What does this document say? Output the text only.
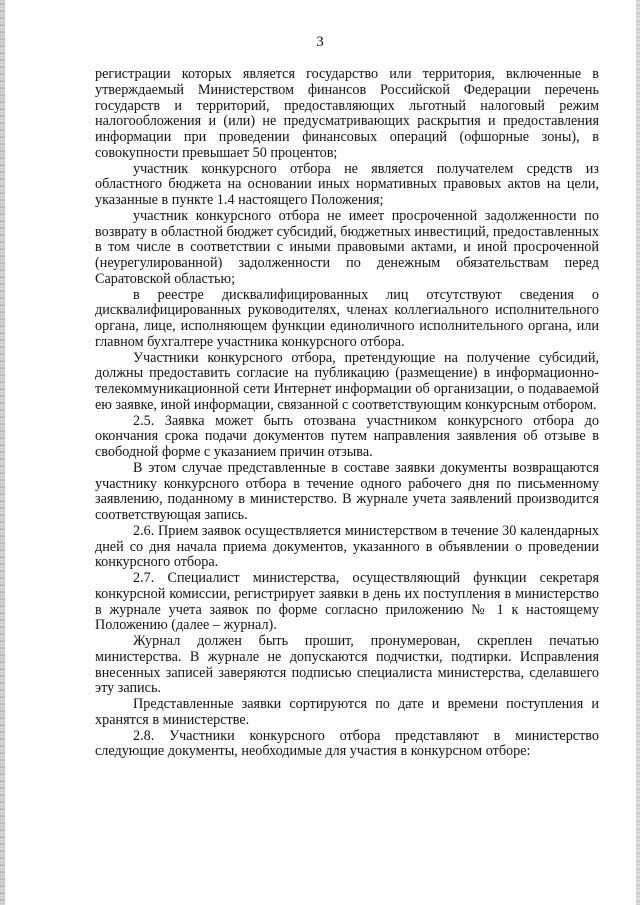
3

регистрации которых является государство или территория, включенные в утверждаемый Министерством финансов Российской Федерации перечень государств и территорий, предоставляющих льготный налоговый режим налогообложения и (или) не предусматривающих раскрытия и предоставления информации при проведении финансовых операций (офшорные зоны), в совокупности превышает 50 процентов;

участник конкурсного отбора не является получателем средств из областного бюджета на основании иных нормативных правовых актов на цели, указанные в пункте 1.4 настоящего Положения;

участник конкурсного отбора не имеет просроченной задолженности по возврату в областной бюджет субсидий, бюджетных инвестиций, предоставленных в том числе в соответствии с иными правовыми актами, и иной просроченной (неурегулированной) задолженности по денежным обязательствам перед Саратовской областью;

в реестре дисквалифицированных лиц отсутствуют сведения о дисквалифицированных руководителях, членах коллегиального исполнительного органа, лице, исполняющем функции единоличного исполнительного органа, или главном бухгалтере участника конкурсного отбора.

Участники конкурсного отбора, претендующие на получение субсидий, должны предоставить согласие на публикацию (размещение) в информационно-телекоммуникационной сети Интернет информации об организации, о подаваемой ею заявке, иной информации, связанной с соответствующим конкурсным отбором.

2.5. Заявка может быть отозвана участником конкурсного отбора до окончания срока подачи документов путем направления заявления об отзыве в свободной форме с указанием причин отзыва.

В этом случае представленные в составе заявки документы возвращаются участнику конкурсного отбора в течение одного рабочего дня по письменному заявлению, поданному в министерство. В журнале учета заявлений производится соответствующая запись.

2.6. Прием заявок осуществляется министерством в течение 30 календарных дней со дня начала приема документов, указанного в объявлении о проведении конкурсного отбора.

2.7. Специалист министерства, осуществляющий функции секретаря конкурсной комиссии, регистрирует заявки в день их поступления в министерство в журнале учета заявок по форме согласно приложению № 1 к настоящему Положению (далее – журнал).

Журнал должен быть прошит, пронумерован, скреплен печатью министерства. В журнале не допускаются подчистки, подтирки. Исправления внесенных записей заверяются подписью специалиста министерства, сделавшего эту запись.

Представленные заявки сортируются по дате и времени поступления и хранятся в министерстве.

2.8. Участники конкурсного отбора представляют в министерство следующие документы, необходимые для участия в конкурсном отборе:
